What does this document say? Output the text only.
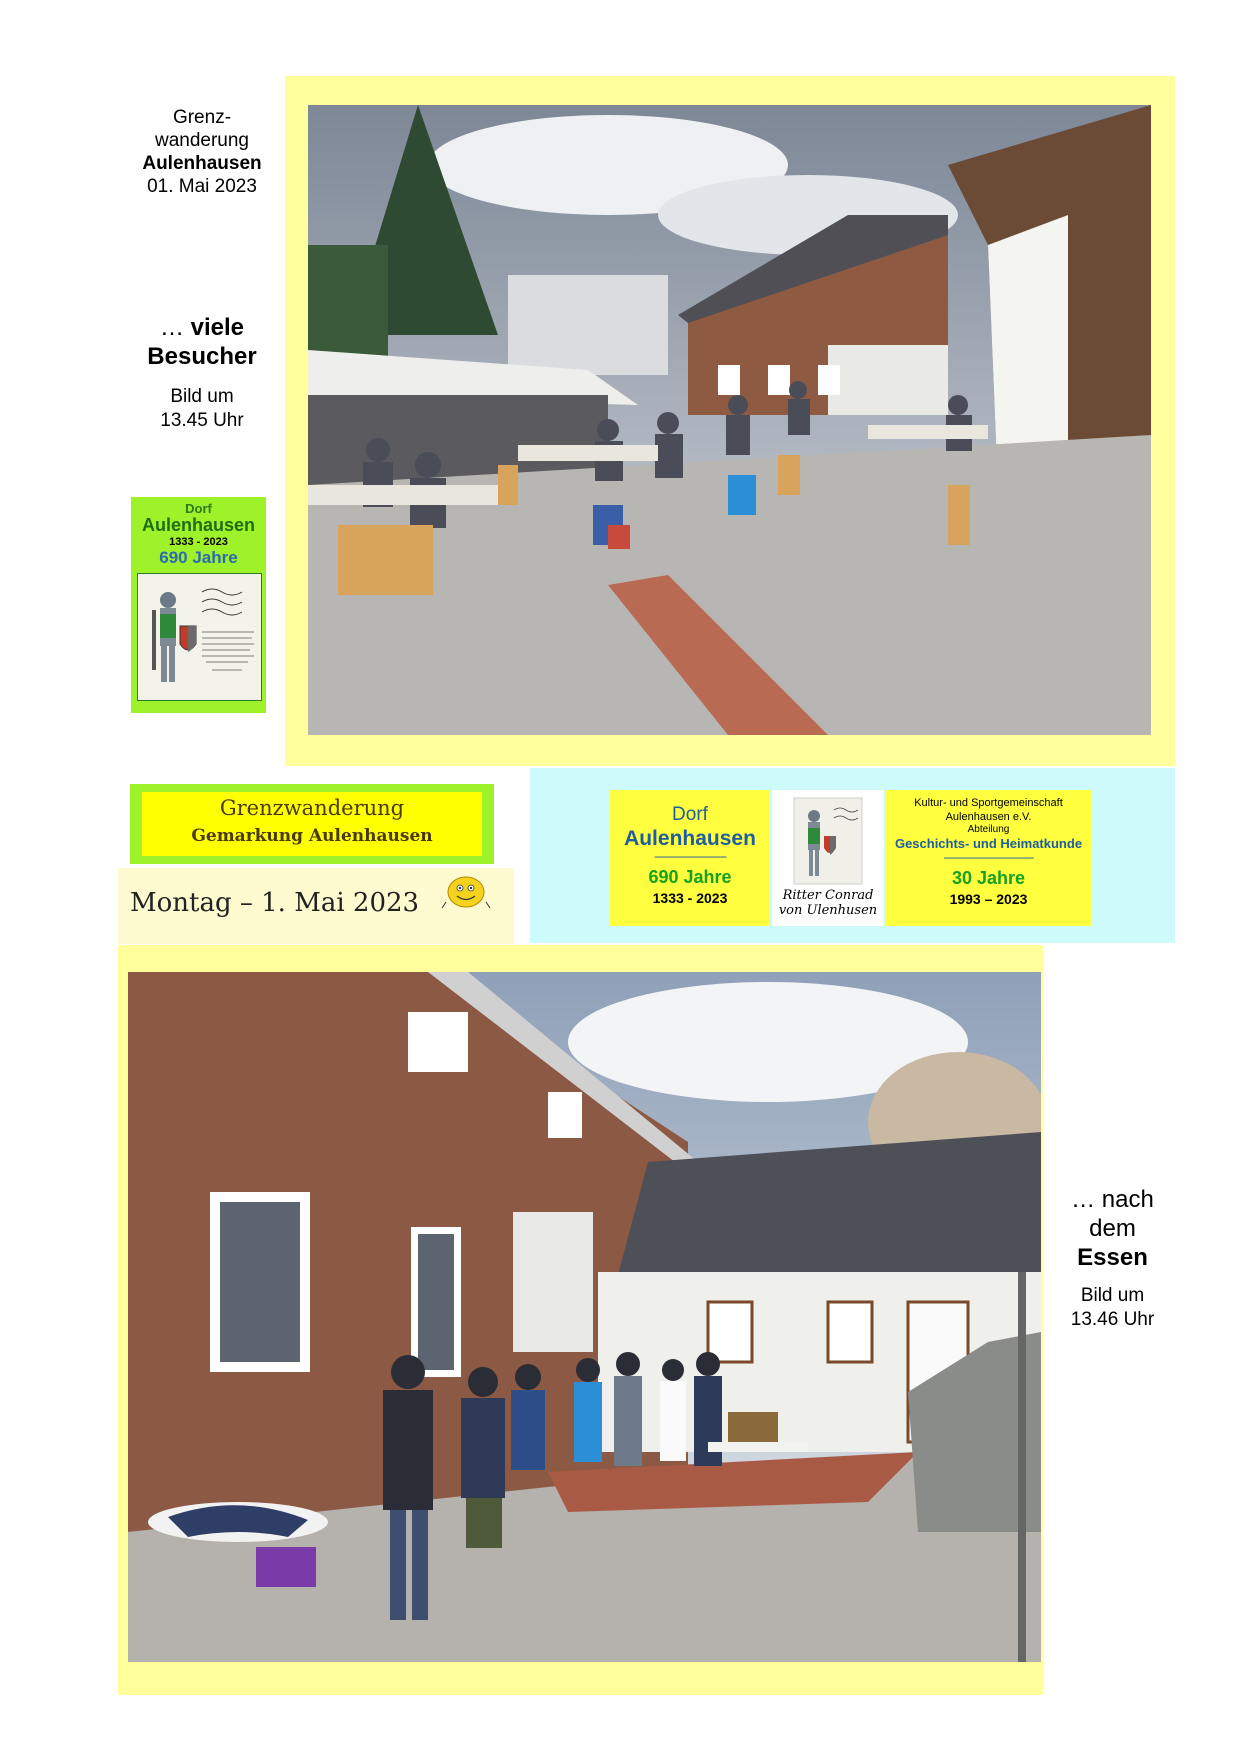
Grenz-
wanderung
Aulenhausen
01. Mai 2023
… viele
Besucher
Bild um
13.45 Uhr
Dorf
Aulenhausen
1333 - 2023
690 Jahre
Grenzwanderung
Gemarkung Aulenhausen
Montag – 1. Mai 2023
Dorf
Aulenhausen
------------------------
690 Jahre
1333 - 2023	Ritter Conrad
von Ulenhusen
Kultur- und Sportgemeinschaft
Aulenhausen e.V.
Abteilung
Geschichts- und Heimatkunde
------------------------------
30 Jahre
1993 – 2023
… nach
dem
Essen
Bild um
13.46 Uhr
